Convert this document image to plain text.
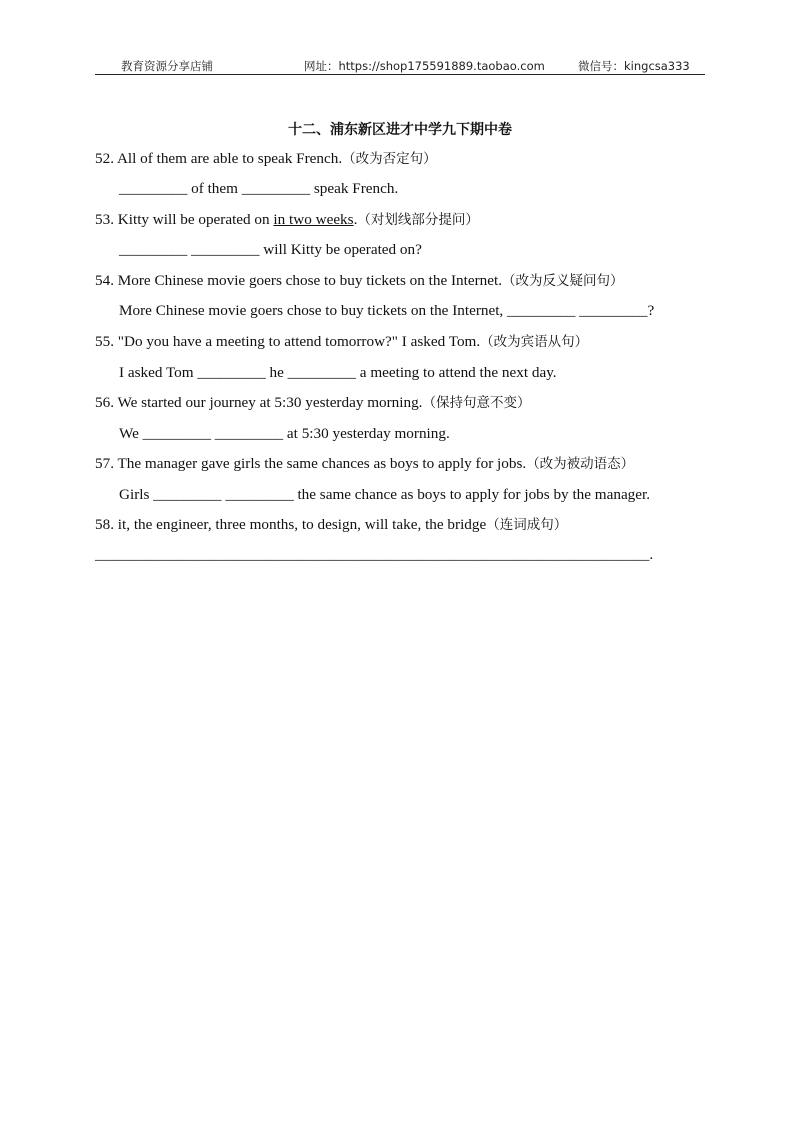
教育资源分享店铺	网址：https://shop175591889.taobao.com	微信号：kingcsa333
十二、浦东新区进才中学九下期中卷
52. All of them are able to speak French.（改为否定句）
_________ of them _________ speak French.
53. Kitty will be operated on in two weeks.（对划线部分提问）
_________ _________ will Kitty be operated on?
54. More Chinese movie goers chose to buy tickets on the Internet.（改为反义疑问句）
More Chinese movie goers chose to buy tickets on the Internet, _________ _________?
55. "Do you have a meeting to attend tomorrow?" I asked Tom.（改为宾语从句）
I asked Tom _________ he _________ a meeting to attend the next day.
56. We started our journey at 5:30 yesterday morning.（保持句意不变）
We _________ _________ at 5:30 yesterday morning.
57. The manager gave girls the same chances as boys to apply for jobs.（改为被动语态）
Girls _________ _________ the same chance as boys to apply for jobs by the manager.
58. it, the engineer, three months, to design, will take, the bridge（连词成句）
_________________________________________________________________________.
